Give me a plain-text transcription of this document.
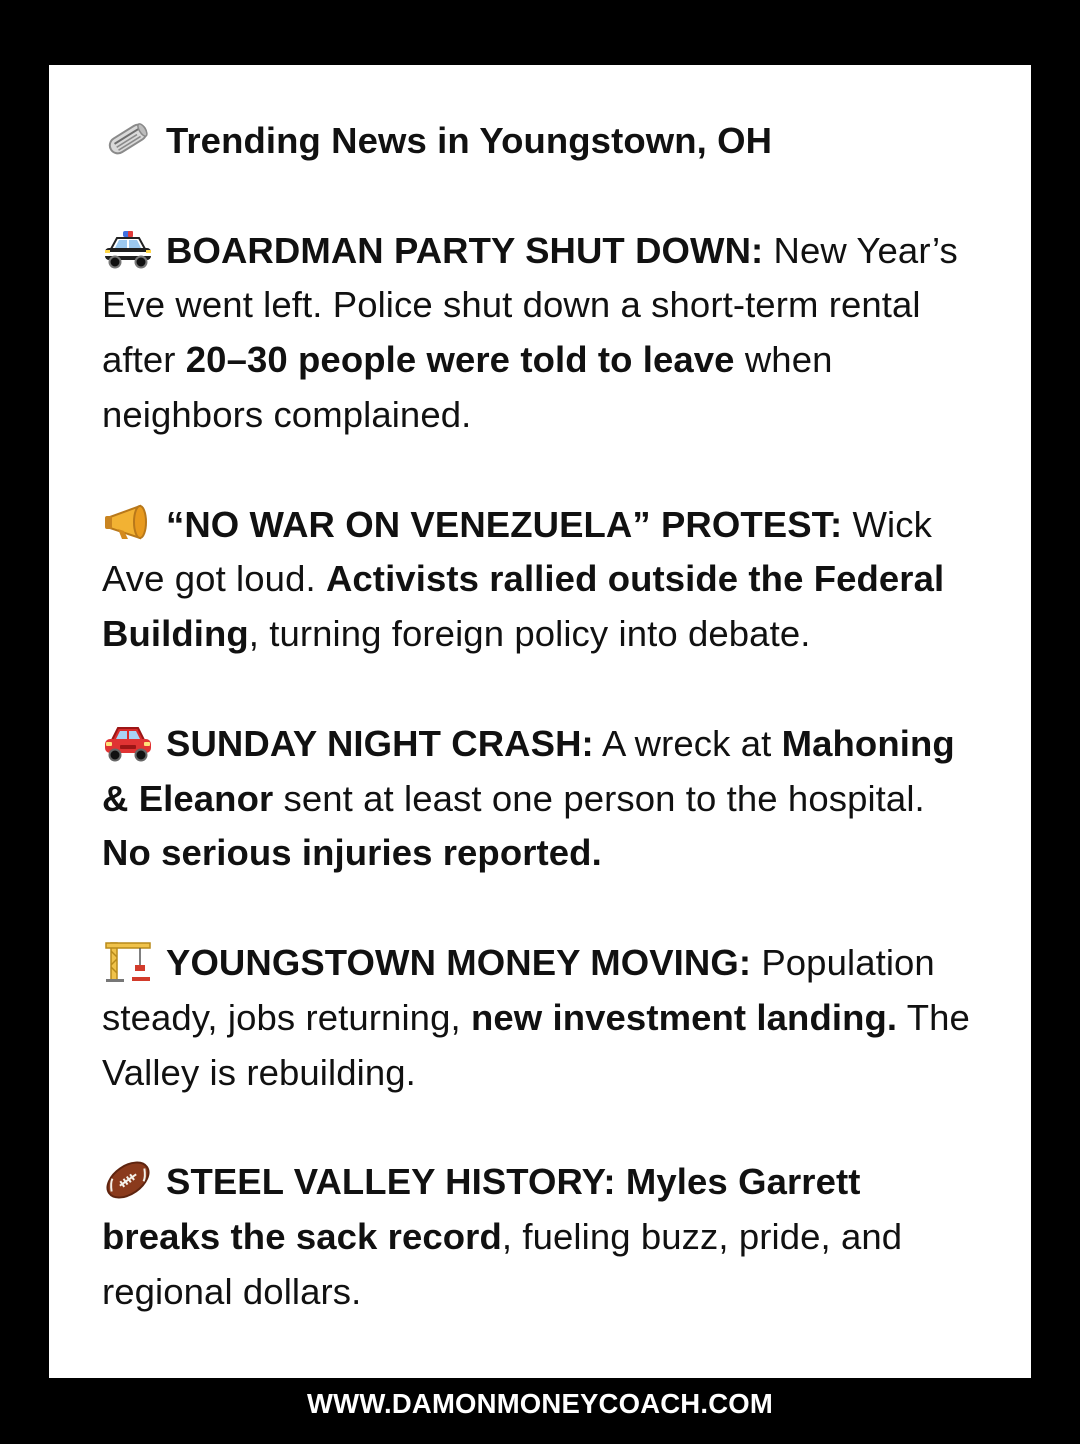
Trending News in Youngstown, OH

BOARDMAN PARTY SHUT DOWN: New Year’s Eve went left. Police shut down a short-term rental after 20–30 people were told to leave when neighbors complained.

“NO WAR ON VENEZUELA” PROTEST: Wick Ave got loud. Activists rallied outside the Federal Building, turning foreign policy into debate.

SUNDAY NIGHT CRASH: A wreck at Mahoning & Eleanor sent at least one person to the hospital. No serious injuries reported.

YOUNGSTOWN MONEY MOVING: Population steady, jobs returning, new investment landing. The Valley is rebuilding.

STEEL VALLEY HISTORY: Myles Garrett breaks the sack record, fueling buzz, pride, and regional dollars.

WWW.DAMONMONEYCOACH.COM
